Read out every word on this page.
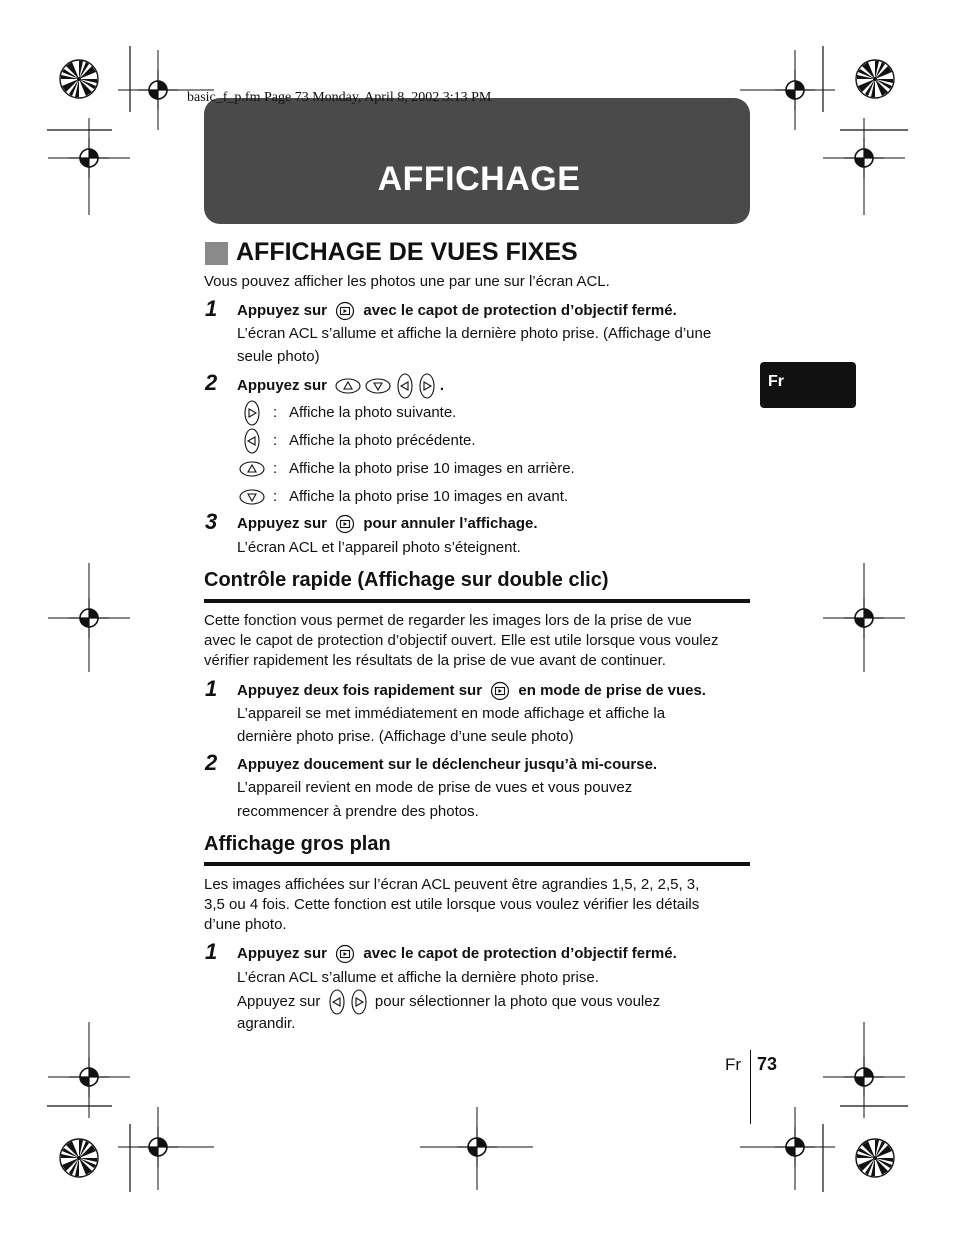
basic_f_p.fm Page 73 Monday, April 8, 2002 3:13 PM
AFFICHAGE
AFFICHAGE DE VUES FIXES
Vous pouvez afficher les photos une par une sur l’écran ACL.
1 Appuyez sur avec le capot de protection d’objectif fermé.
L’écran ACL s’allume et affiche la dernière photo prise. (Affichage d’une
seule photo)
2 Appuyez sur	.
: Affiche la photo suivante.
: Affiche la photo précédente.
: Affiche la photo prise 10 images en arrière.
: Affiche la photo prise 10 images en avant.
3 Appuyez sur pour annuler l’affichage.
L’écran ACL et l’appareil photo s’éteignent.
Contrôle rapide (Affichage sur double clic)
Cette fonction vous permet de regarder les images lors de la prise de vue
avec le capot de protection d’objectif ouvert. Elle est utile lorsque vous voulez
vérifier rapidement les résultats de la prise de vue avant de continuer.
1 Appuyez deux fois rapidement sur en mode de prise de vues.
L’appareil se met immédiatement en mode affichage et affiche la
dernière photo prise. (Affichage d’une seule photo)
2 Appuyez doucement sur le déclencheur jusqu’à mi-course.
L’appareil revient en mode de prise de vues et vous pouvez
recommencer à prendre des photos.
Affichage gros plan
Les images affichées sur l’écran ACL peuvent être agrandies 1,5, 2, 2,5, 3,
3,5 ou 4 fois. Cette fonction est utile lorsque vous voulez vérifier les détails
d’une photo.
1 Appuyez sur avec le capot de protection d’objectif fermé.
L’écran ACL s’allume et affiche la dernière photo prise.
Appuyez sur	pour sélectionner la photo que vous voulez
agrandir.
Fr
Fr 73
